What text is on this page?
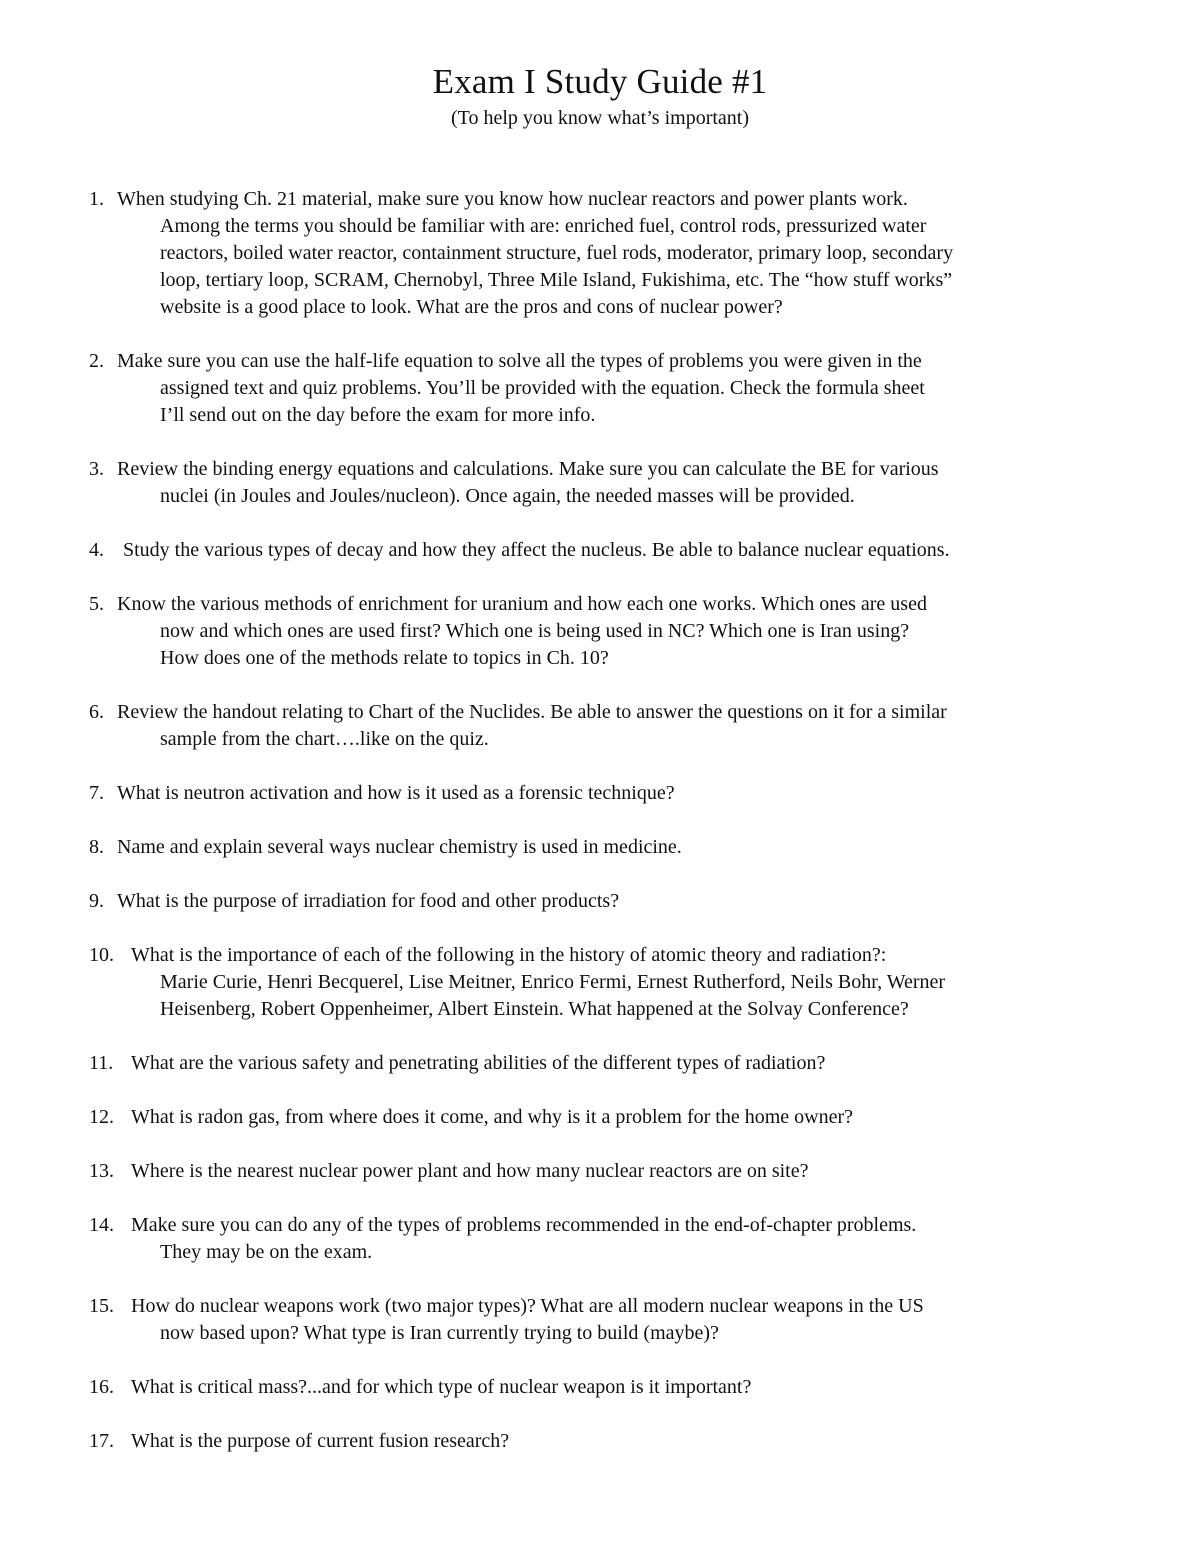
Exam I Study Guide #1
(To help you know what’s important)
1. When studying Ch. 21 material, make sure you know how nuclear reactors and power plants work.
Among the terms you should be familiar with are: enriched fuel, control rods, pressurized water
reactors, boiled water reactor, containment structure, fuel rods, moderator, primary loop, secondary
loop, tertiary loop, SCRAM, Chernobyl, Three Mile Island, Fukishima, etc. The “how stuff works”
website is a good place to look. What are the pros and cons of nuclear power?
2. Make sure you can use the half-life equation to solve all the types of problems you were given in the
assigned text and quiz problems. You’ll be provided with the equation. Check the formula sheet
I’ll send out on the day before the exam for more info.
3. Review the binding energy equations and calculations. Make sure you can calculate the BE for various
nuclei (in Joules and Joules/nucleon). Once again, the needed masses will be provided.
4. Study the various types of decay and how they affect the nucleus. Be able to balance nuclear equations.
5. Know the various methods of enrichment for uranium and how each one works. Which ones are used
now and which ones are used first? Which one is being used in NC? Which one is Iran using?
How does one of the methods relate to topics in Ch. 10?
6. Review the handout relating to Chart of the Nuclides. Be able to answer the questions on it for a similar
sample from the chart….like on the quiz.
7. What is neutron activation and how is it used as a forensic technique?
8. Name and explain several ways nuclear chemistry is used in medicine.
9. What is the purpose of irradiation for food and other products?
10. What is the importance of each of the following in the history of atomic theory and radiation?:
Marie Curie, Henri Becquerel, Lise Meitner, Enrico Fermi, Ernest Rutherford, Neils Bohr, Werner
Heisenberg, Robert Oppenheimer, Albert Einstein. What happened at the Solvay Conference?
11. What are the various safety and penetrating abilities of the different types of radiation?
12. What is radon gas, from where does it come, and why is it a problem for the home owner?
13. Where is the nearest nuclear power plant and how many nuclear reactors are on site?
14. Make sure you can do any of the types of problems recommended in the end-of-chapter problems.
They may be on the exam.
15. How do nuclear weapons work (two major types)? What are all modern nuclear weapons in the US
now based upon? What type is Iran currently trying to build (maybe)?
16. What is critical mass?...and for which type of nuclear weapon is it important?
17. What is the purpose of current fusion research?
